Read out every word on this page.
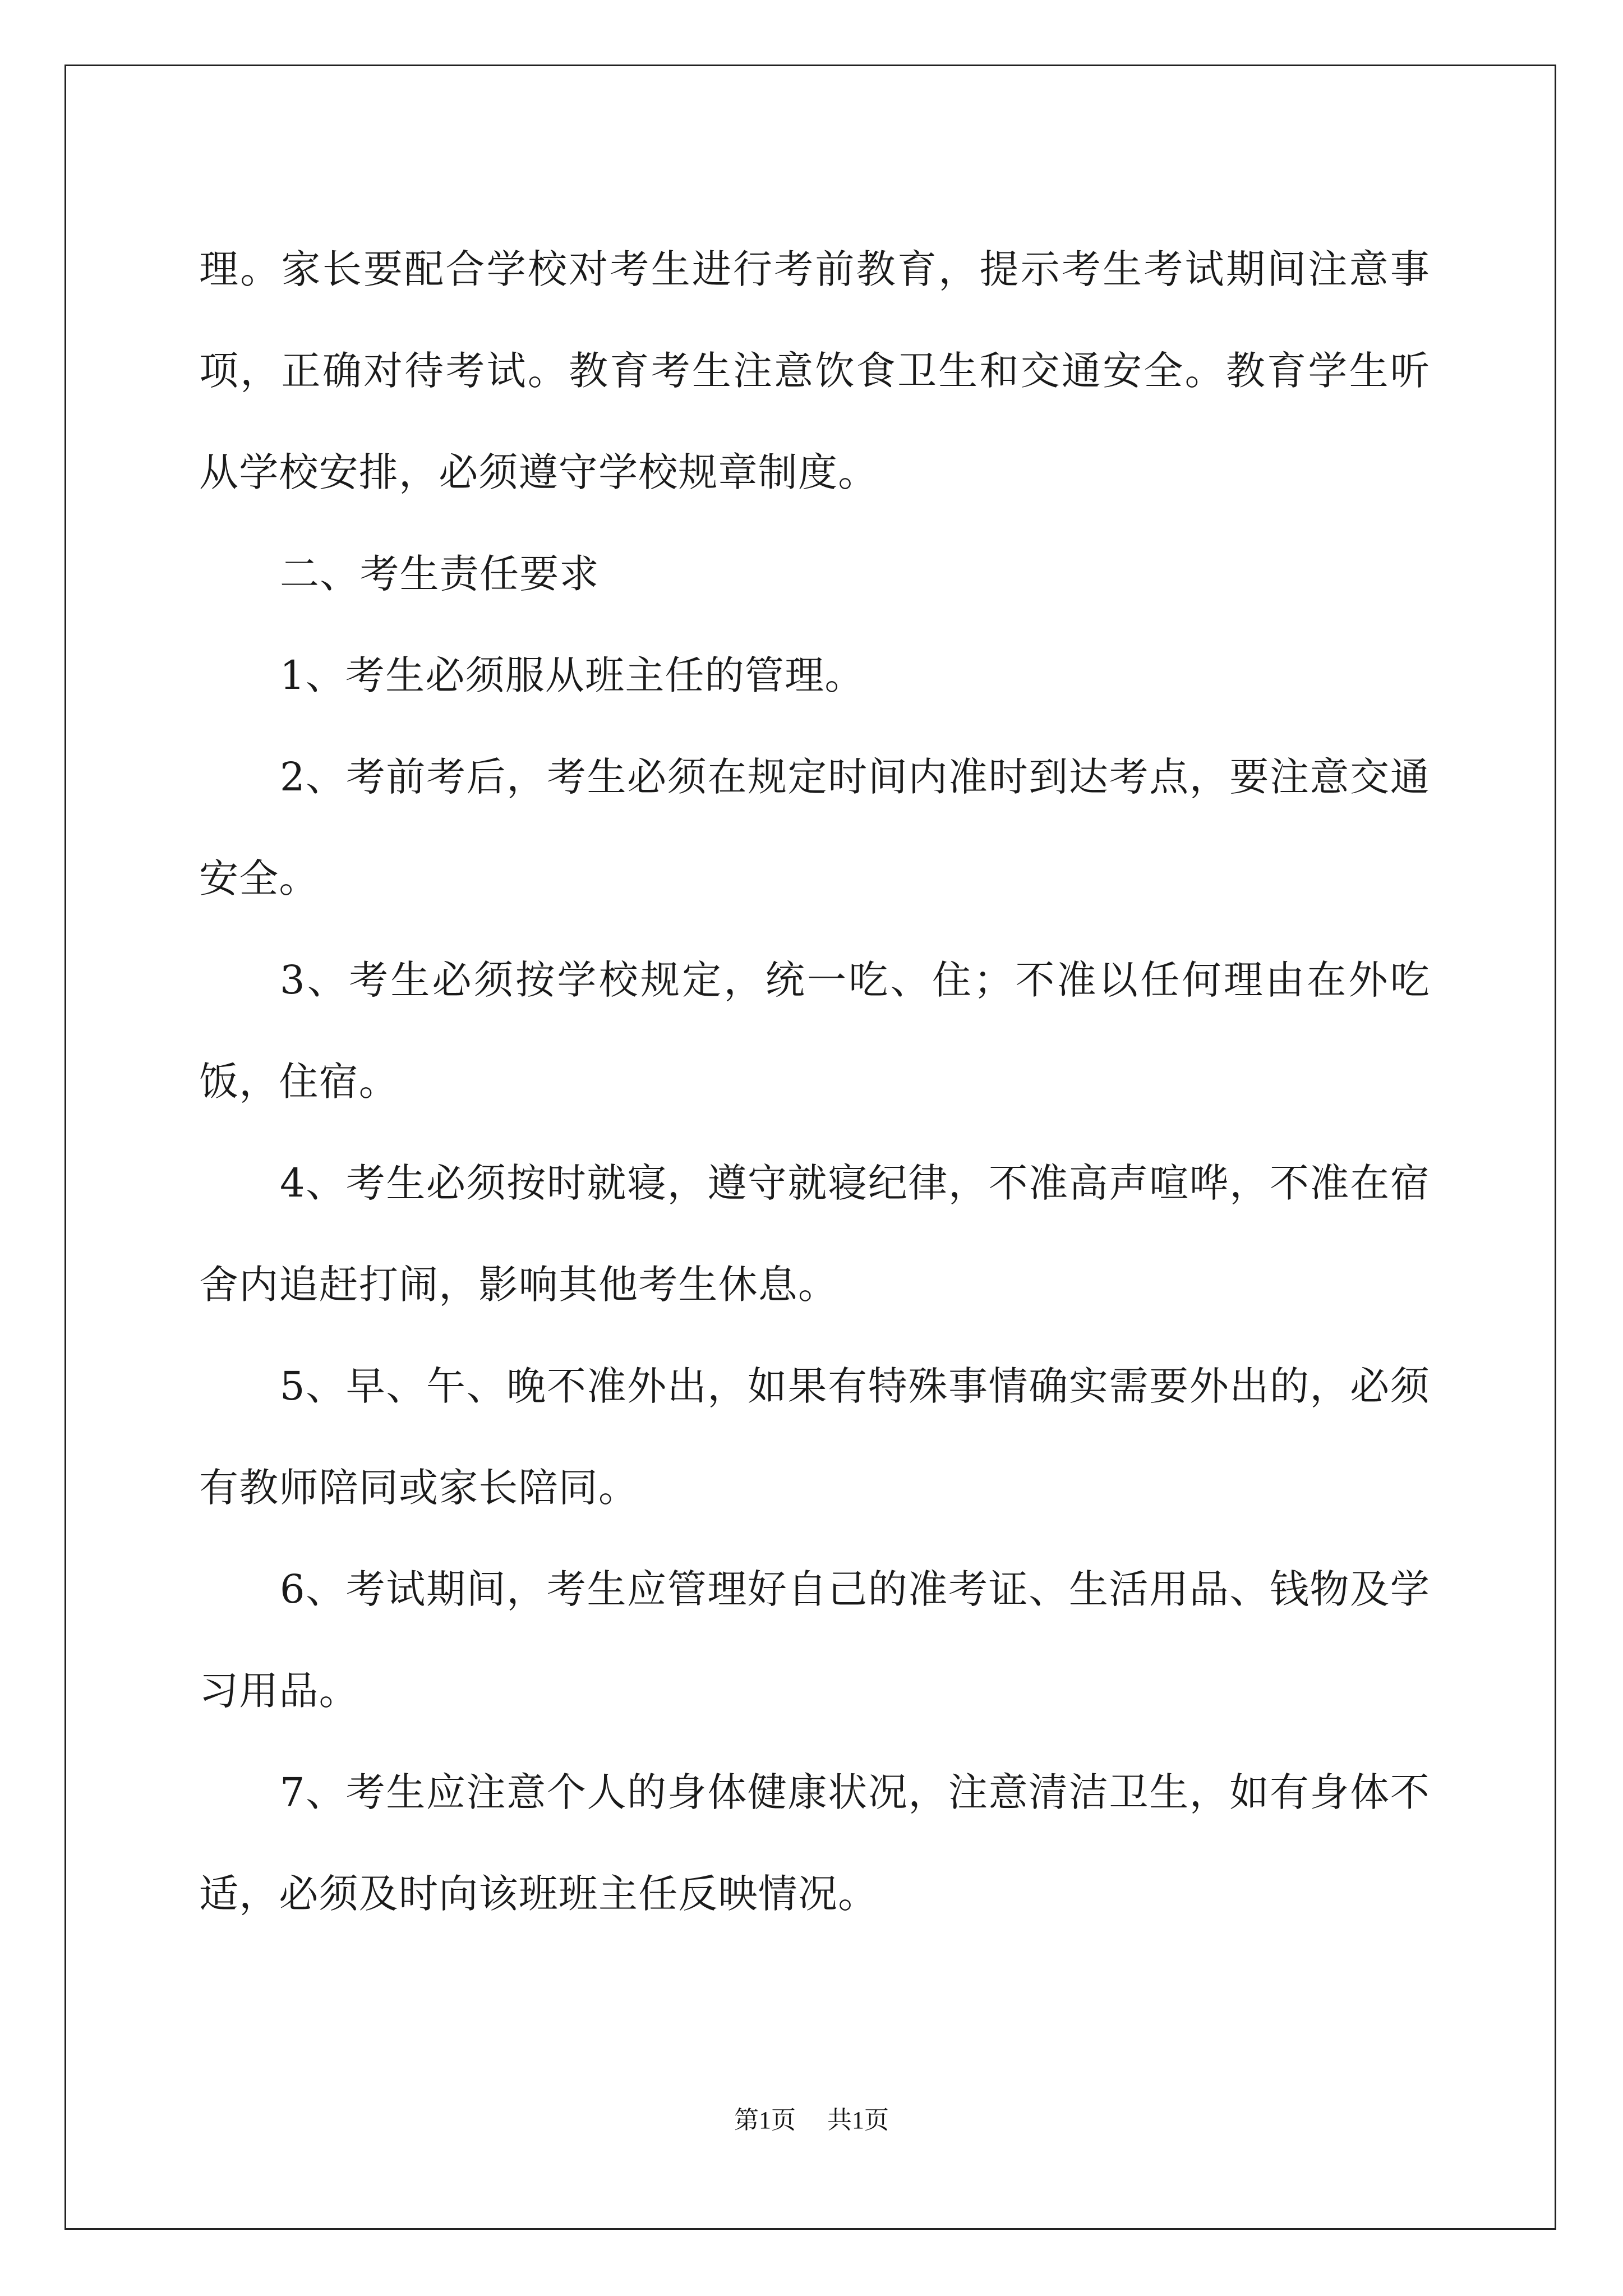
理。家长要配合学校对考生进行考前教育，提示考生考试期间注意事项，正确对待考试。教育考生注意饮食卫生和交通安全。教育学生听从学校安排，必须遵守学校规章制度。

二、考生责任要求

1、考生必须服从班主任的管理。

2、考前考后，考生必须在规定时间内准时到达考点，要注意交通安全。

3、考生必须按学校规定，统一吃、住；不准以任何理由在外吃饭，住宿。

4、考生必须按时就寝，遵守就寝纪律，不准高声喧哗，不准在宿舍内追赶打闹，影响其他考生休息。

5、早、午、晚不准外出，如果有特殊事情确实需要外出的，必须有教师陪同或家长陪同。

6、考试期间，考生应管理好自己的准考证、生活用品、钱物及学习用品。

7、考生应注意个人的身体健康状况，注意清洁卫生，如有身体不适，必须及时向该班班主任反映情况。

第1页 共1页
